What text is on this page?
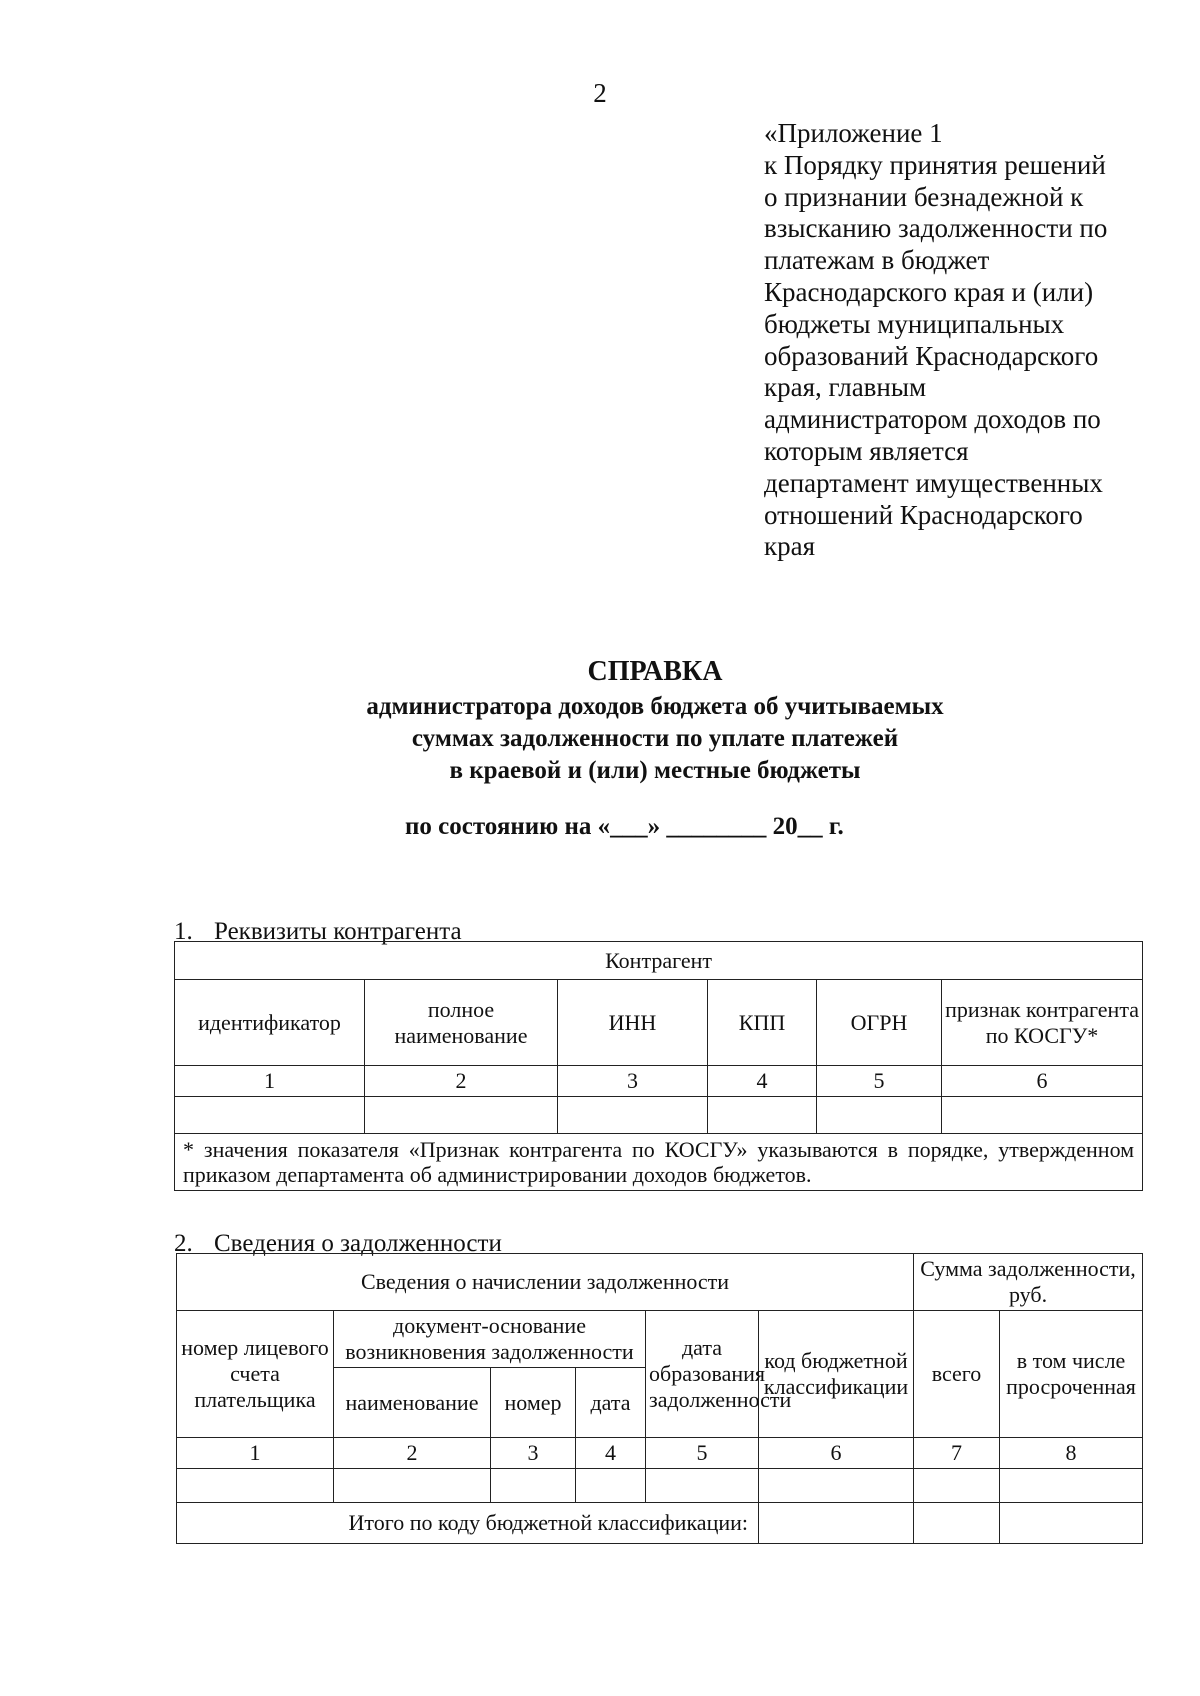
2
«Приложение 1
к Порядку принятия решений
о признании безнадежной к
взысканию задолженности по
платежам в бюджет
Краснодарского края и (или)
бюджеты муниципальных
образований Краснодарского
края, главным
администратором доходов по
которым является
департамент имущественных
отношений Краснодарского
края
СПРАВКА
администратора доходов бюджета об учитываемых
суммах задолженности по уплате платежей
в краевой и (или) местные бюджеты
по состоянию на «___» ________ 20__ г.
1. Реквизиты контрагента
Контрагент					
идентификатор	полное наименование	ИНН	КПП	ОГРН	признак контрагента по КОСГУ*
1	2	3	4	5	6

* значения показателя «Признак контрагента по КОСГУ» указываются в порядке, утвержденном приказом департамента об администрировании доходов бюджетов.					
2. Сведения о задолженности
Сведения о начислении задолженности						Сумма задолженности, руб.	
номер лицевого счета плательщика	документ-основание возникновения задолженности			дата образования задолженности	код бюджетной классификации	всего	в том числе просроченная
	наименование	номер	дата				
1	2	3	4	5	6	7	8

Итого по коду бюджетной классификации:							
